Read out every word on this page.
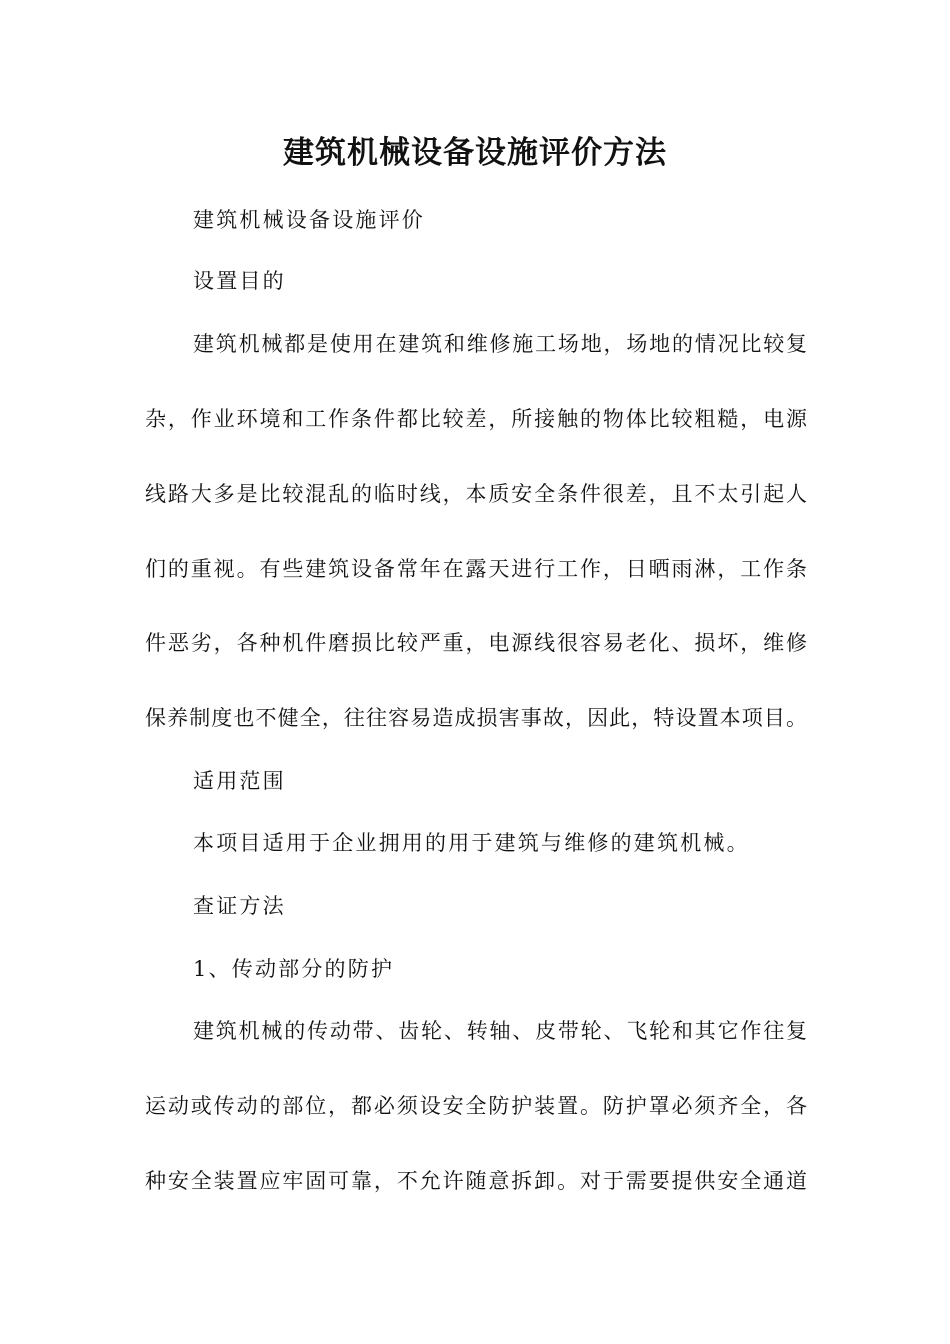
建筑机械设备设施评价方法
建筑机械设备设施评价
设置目的
建筑机械都是使用在建筑和维修施工场地，场地的情况比较复
杂，作业环境和工作条件都比较差，所接触的物体比较粗糙，电源
线路大多是比较混乱的临时线，本质安全条件很差，且不太引起人
们的重视。有些建筑设备常年在露天进行工作，日晒雨淋，工作条
件恶劣，各种机件磨损比较严重，电源线很容易老化、损坏，维修
保养制度也不健全，往往容易造成损害事故，因此，特设置本项目。
适用范围
本项目适用于企业拥用的用于建筑与维修的建筑机械。
查证方法
1、传动部分的防护
建筑机械的传动带、齿轮、转轴、皮带轮、飞轮和其它作往复
运动或传动的部位，都必须设安全防护装置。防护罩必须齐全，各
种安全装置应牢固可靠，不允许随意拆卸。对于需要提供安全通道
